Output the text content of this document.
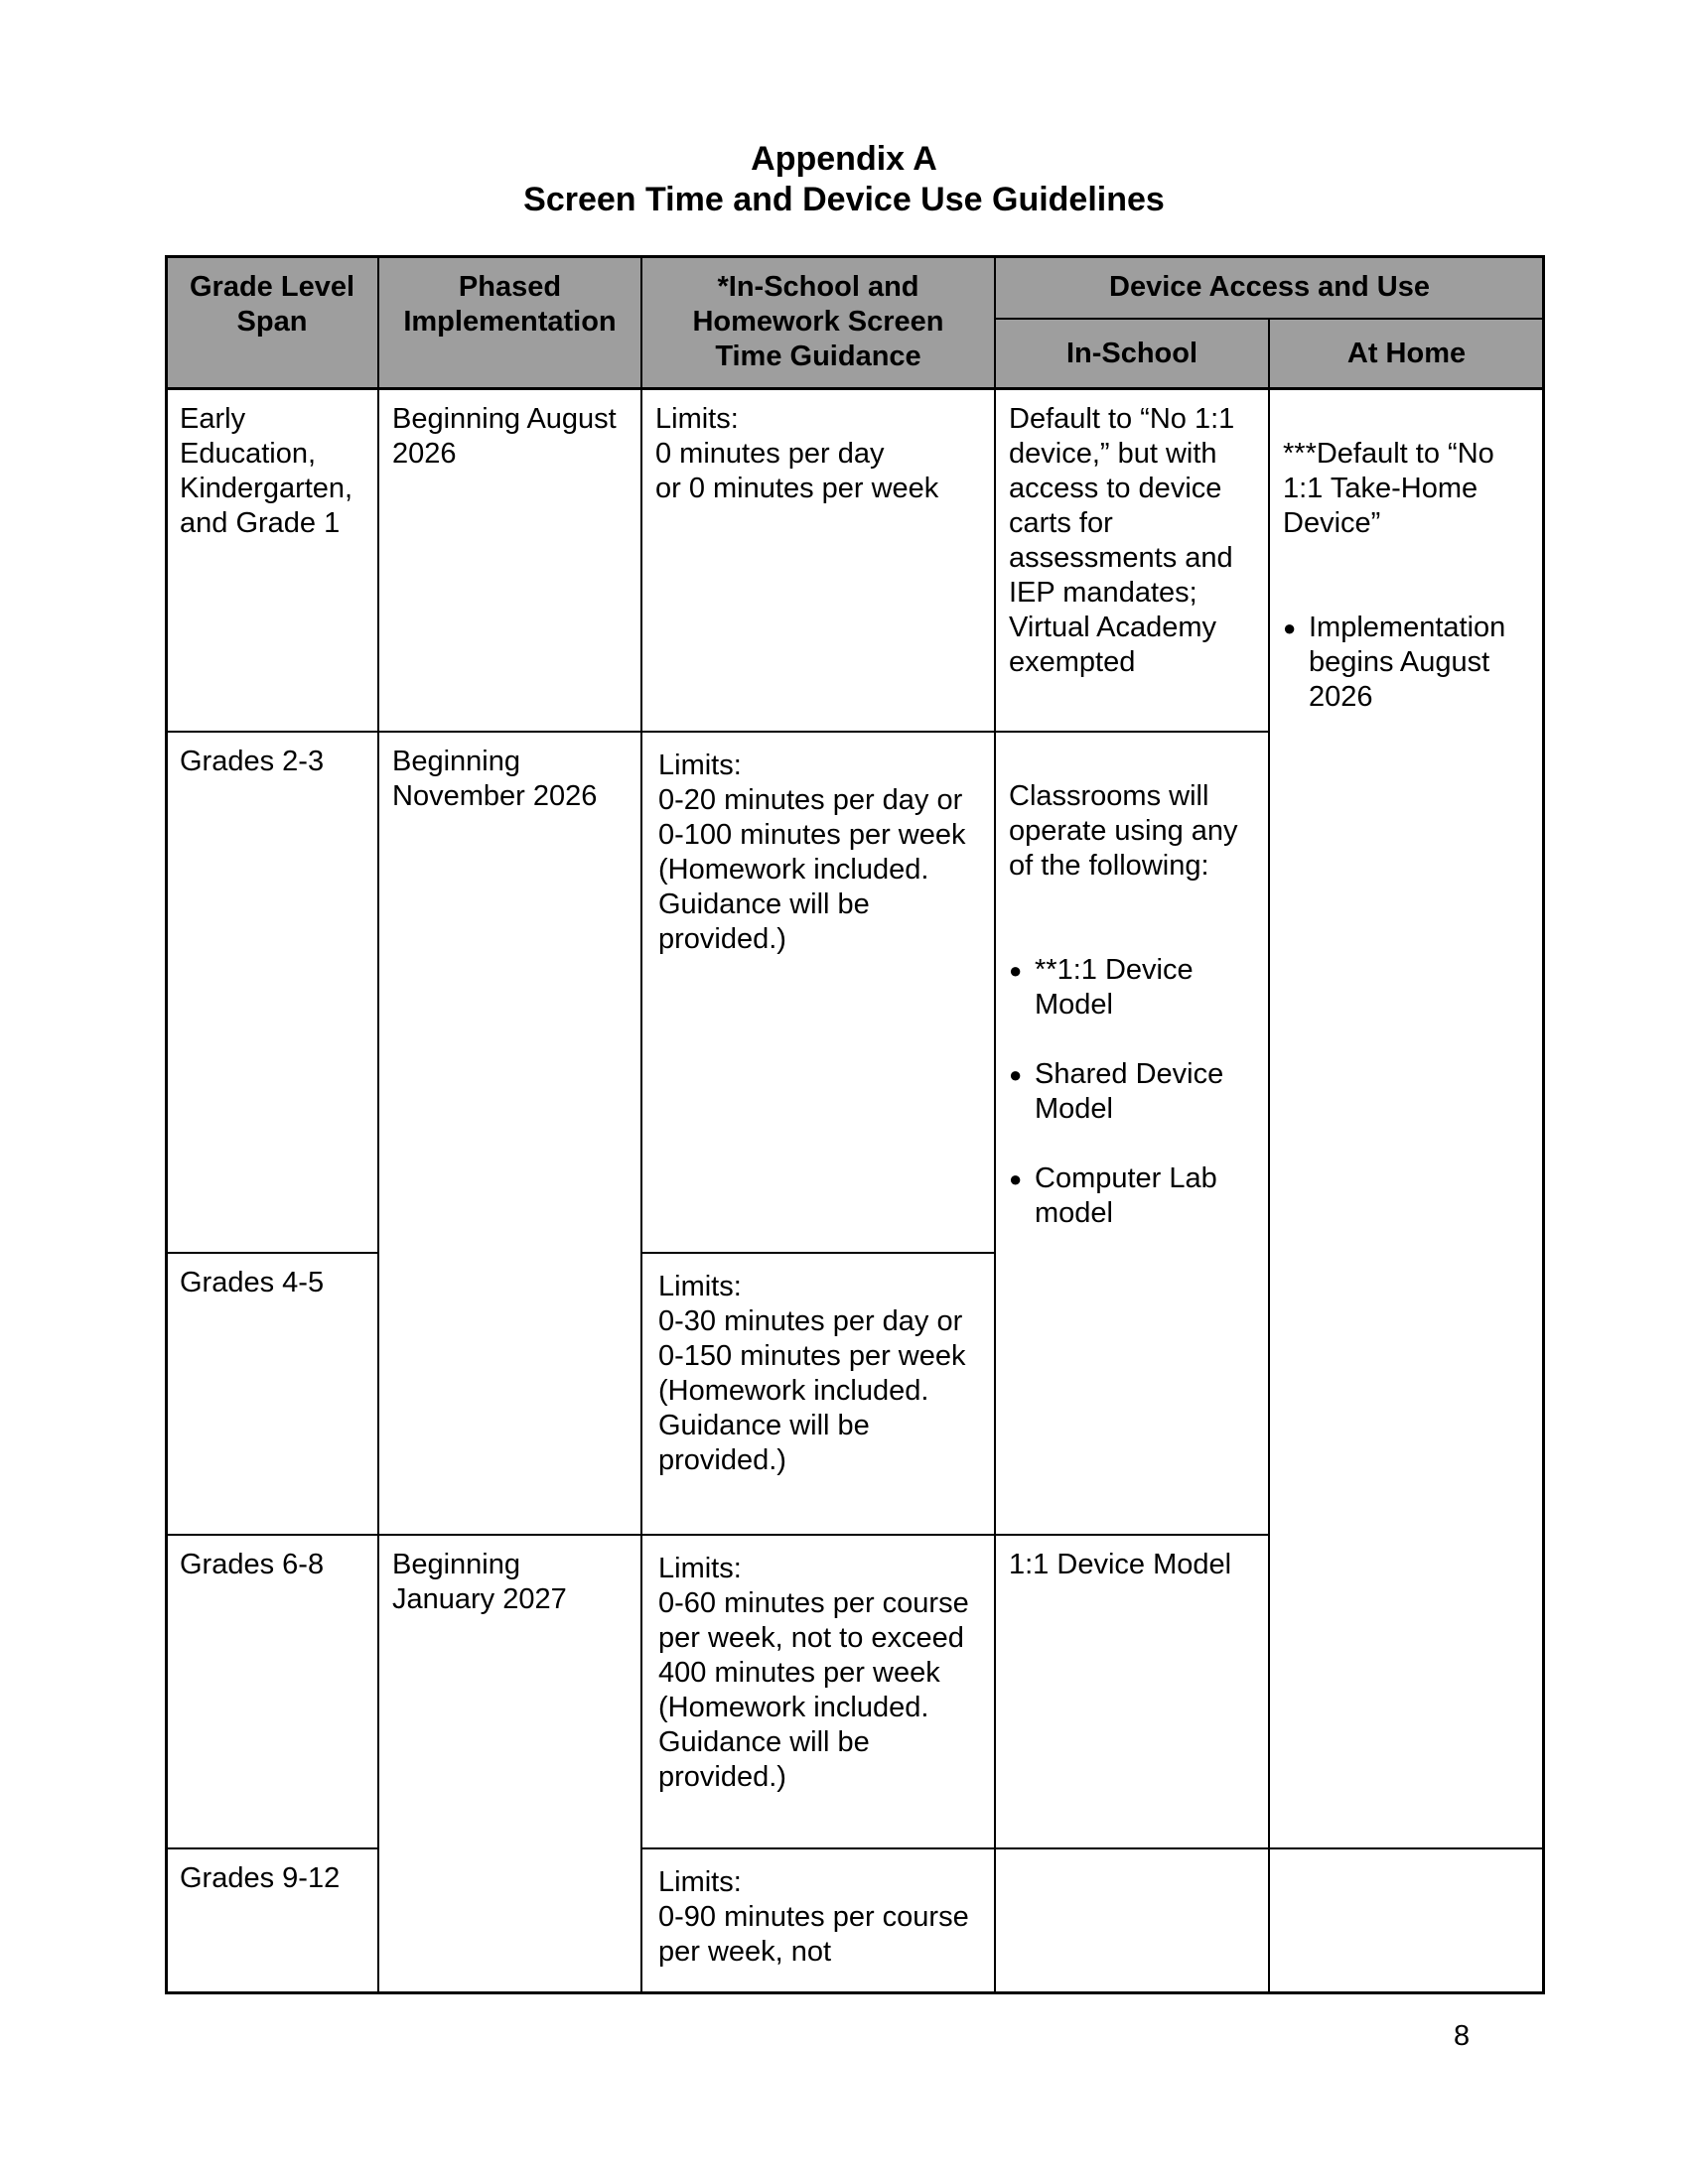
Appendix A
Screen Time and Device Use Guidelines
Grade Level Span
Phased Implementation
*In-School and Homework Screen Time Guidance
Device Access and Use
In-School	At Home
Early Education, Kindergarten, and Grade 1
Grades 2-3
Grades 4-5
Grades 6-8
Grades 9-12
Beginning August 2026
Beginning November 2026
Beginning January 2027
Limits:
0 minutes per day
or 0 minutes per week
Limits:
0-20 minutes per day or 0-100 minutes per week
(Homework included. Guidance will be provided.)
Limits:
0-30 minutes per day or 0-150 minutes per week
(Homework included. Guidance will be provided.)
Limits:
0-60 minutes per course per week, not to exceed 400 minutes per week
(Homework included. Guidance will be provided.)
Limits:
0-90 minutes per course per week, not
Default to “No 1:1 device,” but with access to device carts for assessments and IEP mandates; Virtual Academy exempted

Classrooms will operate using any of the following:

● **1:1 Device Model

● Shared Device Model

● Computer Lab model

1:1 Device Model

***Default to “No 1:1 Take-Home Device”

● Implementation begins August 2026

8
